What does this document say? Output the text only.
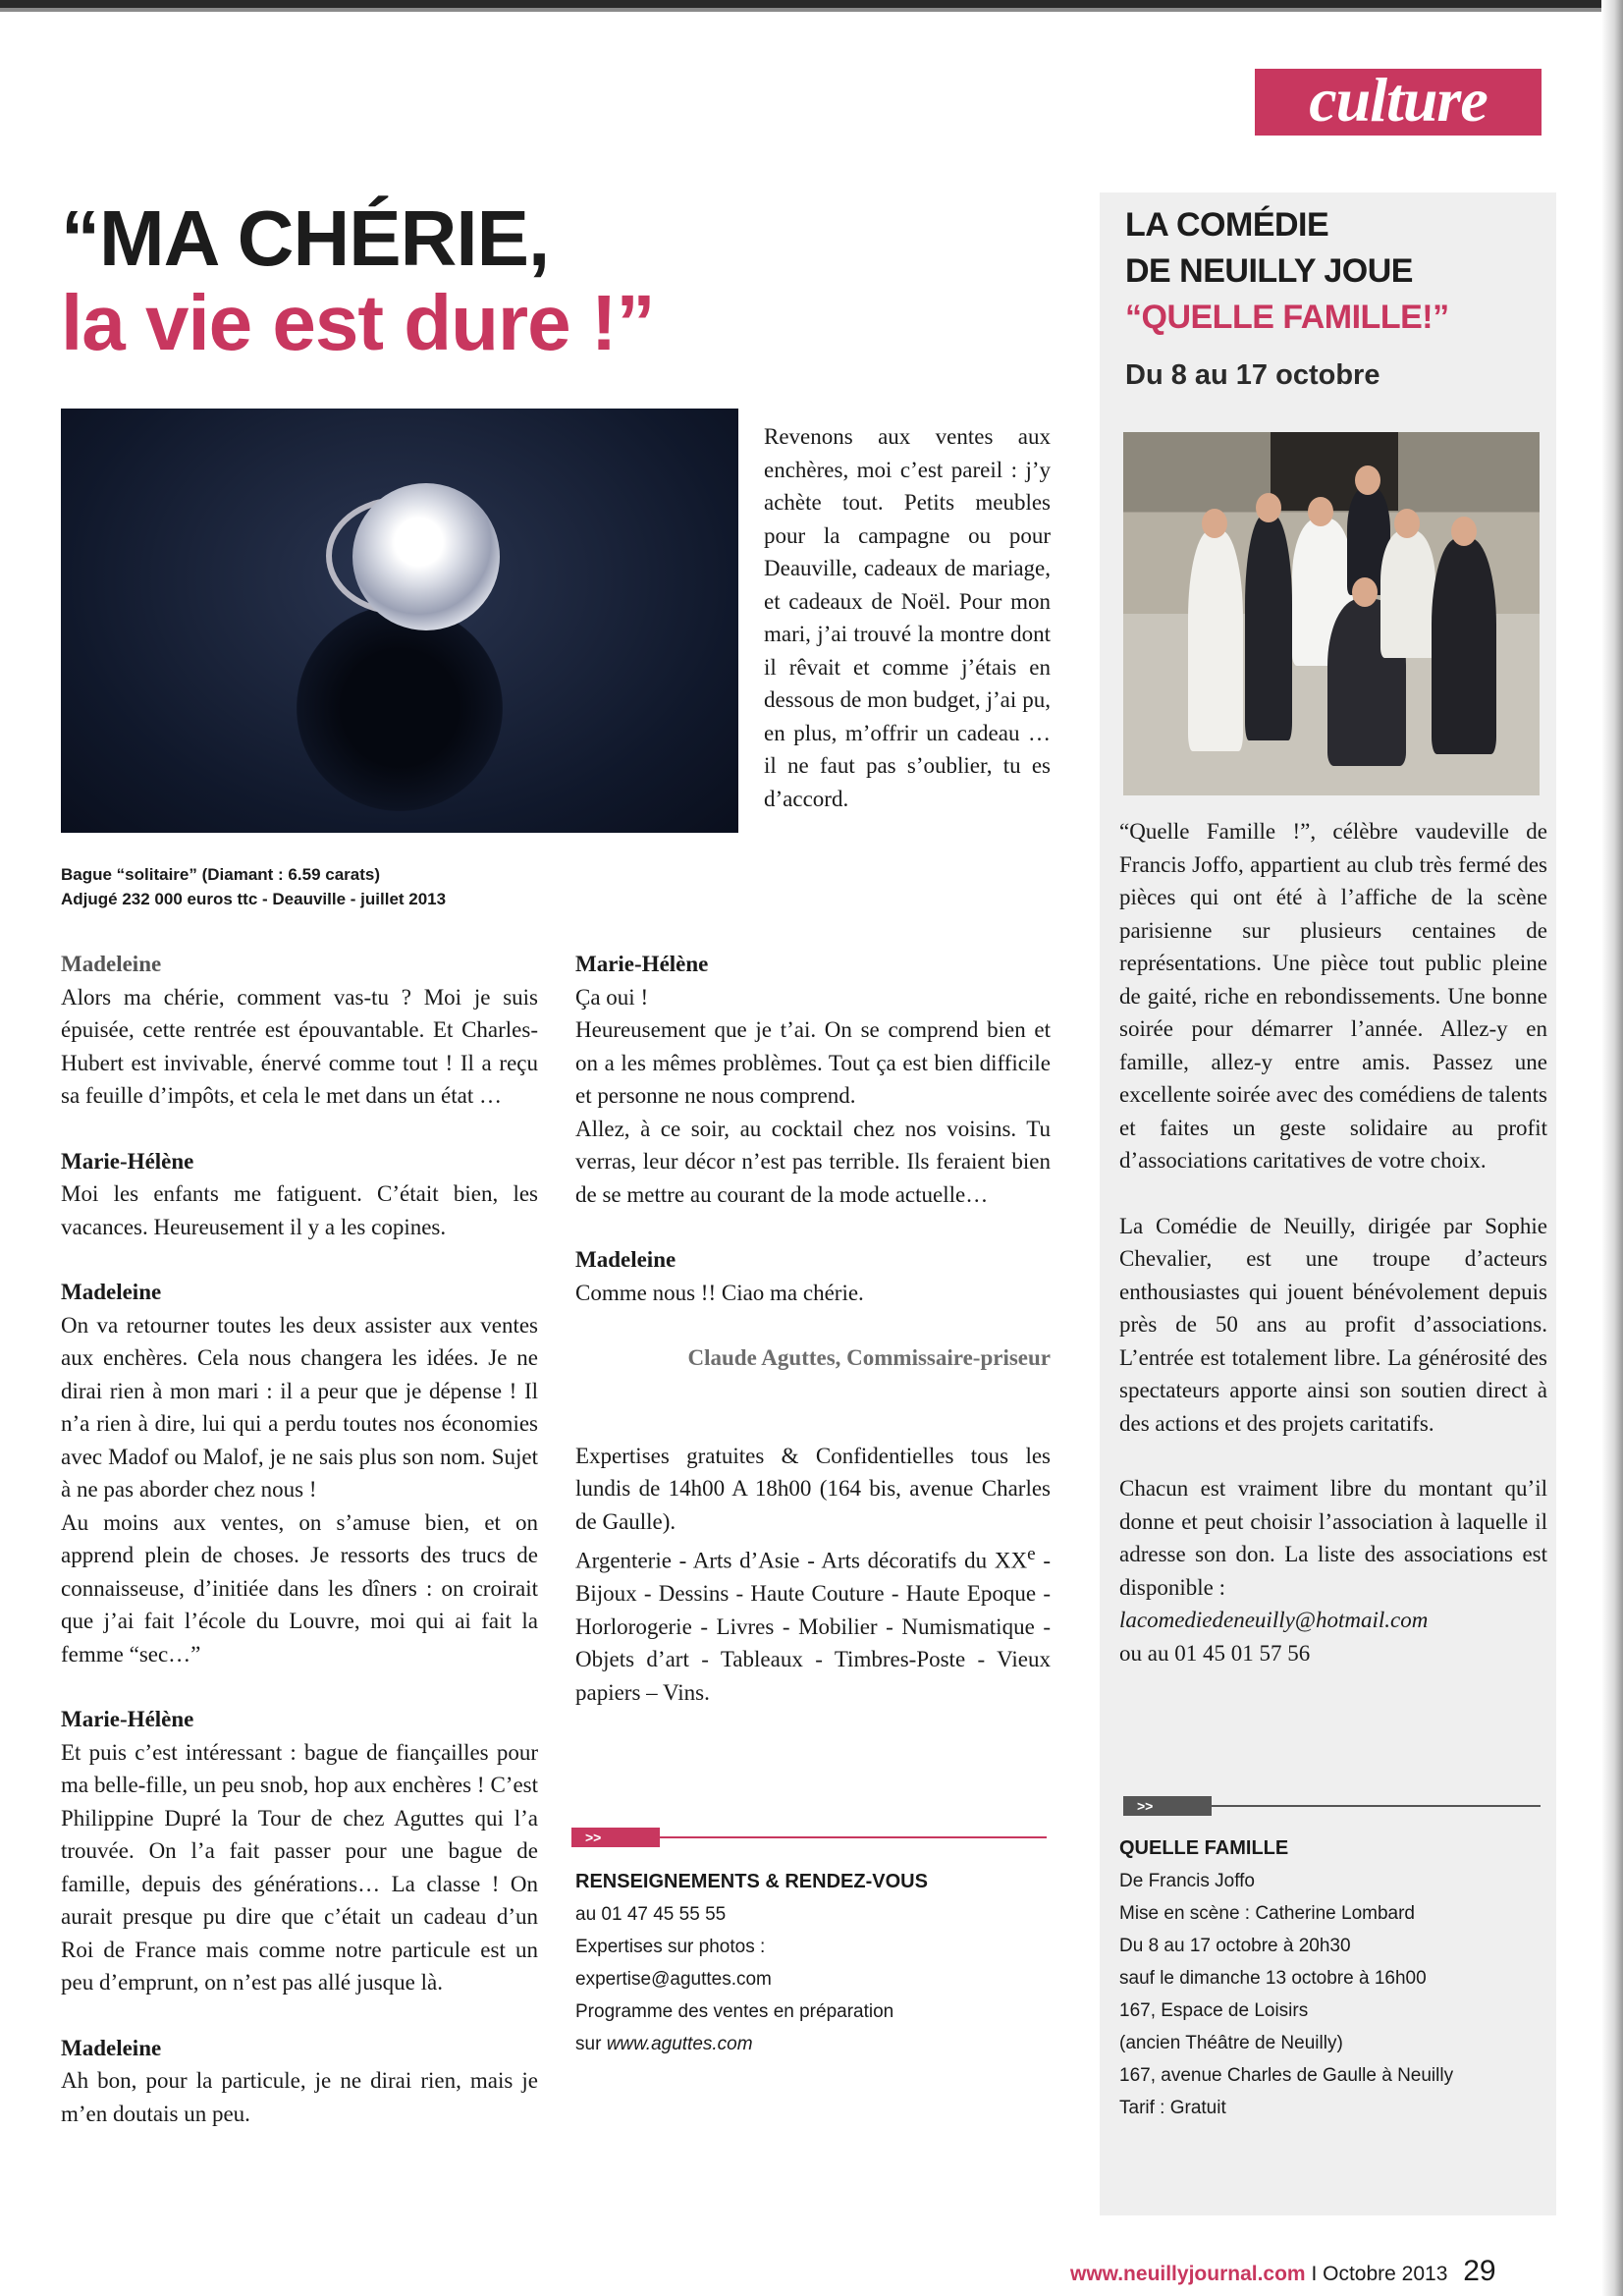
culture
“MA CHÉRIE,
la vie est dure !”
Bague “solitaire” (Diamant : 6.59 carats)
Adjugé 232 000 euros ttc - Deauville - juillet 2013
Revenons aux ventes aux enchères, moi c’est pareil : j’y achète tout. Petits meubles pour la campagne ou pour Deauville, cadeaux de mariage, et cadeaux de Noël. Pour mon mari, j’ai trouvé la montre dont il rêvait et comme j’étais en dessous de mon budget, j’ai pu, en plus, m’offrir un cadeau … il ne faut pas s’oublier, tu es d’accord.

Madeleine

Alors ma chérie, comment vas-tu ? Moi je suis épuisée, cette rentrée est épouvantable. Et Charles-Hubert est invivable, énervé comme tout ! Il a reçu sa feuille d’impôts, et cela le met dans un état …

Marie-Hélène

Moi les enfants me fatiguent. C’était bien, les vacances. Heureusement il y a les copines.

Madeleine

On va retourner toutes les deux assister aux ventes aux enchères. Cela nous changera les idées. Je ne dirai rien à mon mari : il a peur que je dépense ! Il n’a rien à dire, lui qui a perdu toutes nos économies avec Madof ou Malof, je ne sais plus son nom. Sujet à ne pas aborder chez nous !

Au moins aux ventes, on s’amuse bien, et on apprend plein de choses. Je ressorts des trucs de connaisseuse, d’initiée dans les dîners : on croirait que j’ai fait l’école du Louvre, moi qui ai fait la femme “sec…”

Marie-Hélène

Et puis c’est intéressant : bague de fiançailles pour ma belle-fille, un peu snob, hop aux enchères ! C’est Philippine Dupré la Tour de chez Aguttes qui l’a trouvée. On l’a fait passer pour une bague de famille, depuis des générations… La classe ! On aurait presque pu dire que c’était un cadeau d’un Roi de France mais comme notre particule est un peu d’emprunt, on n’est pas allé jusque là.

Madeleine

Ah bon, pour la particule, je ne dirai rien, mais je m’en doutais un peu.

Marie-Hélène

Ça oui !

Heureusement que je t’ai. On se comprend bien et on a les mêmes problèmes. Tout ça est bien difficile et personne ne nous comprend.

Allez, à ce soir, au cocktail chez nos voisins. Tu verras, leur décor n’est pas terrible. Ils feraient bien de se mettre au courant de la mode actuelle…

Madeleine

Comme nous !! Ciao ma chérie.

Claude Aguttes, Commissaire-priseur

Expertises gratuites & Confidentielles tous les lundis de 14h00 A 18h00 (164 bis, avenue Charles de Gaulle).

Argenterie - Arts d’Asie - Arts décoratifs du XXe - Bijoux - Dessins - Haute Couture - Haute Epoque - Horlorogerie - Livres - Mobilier - Numismatique - Objets d’art - Tableaux - Timbres-Poste - Vieux papiers – Vins.

>>
RENSEIGNEMENTS & RENDEZ-VOUS
au 01 47 45 55 55
Expertises sur photos :
expertise@aguttes.com
Programme des ventes en préparation
sur www.aguttes.com
LA COMÉDIE
DE NEUILLY JOUE
“QUELLE FAMILLE!”
Du 8 au 17 octobre

“Quelle Famille !”, célèbre vaudeville de Francis Joffo, appartient au club très fermé des pièces qui ont été à l’affiche de la scène parisienne sur plusieurs centaines de représentations. Une pièce tout public pleine de gaité, riche en rebondissements. Une bonne soirée pour démarrer l’année. Allez-y en famille, allez-y entre amis. Passez une excellente soirée avec des comédiens de talents et faites un geste solidaire au profit d’associations caritatives de votre choix.

La Comédie de Neuilly, dirigée par Sophie Chevalier, est une troupe d’acteurs enthousiastes qui jouent bénévolement depuis près de 50 ans au profit d’associations. L’entrée est totalement libre. La générosité des spectateurs apporte ainsi son soutien direct à des actions et des projets caritatifs.

Chacun est vraiment libre du montant qu’il donne et peut choisir l’association à laquelle il adresse son don. La liste des associations est disponible :

lacomediedeneuilly@hotmail.com

ou au 01 45 01 57 56

>>
QUELLE FAMILLE
De Francis Joffo
Mise en scène : Catherine Lombard
Du 8 au 17 octobre à 20h30
sauf le dimanche 13 octobre à 16h00
167, Espace de Loisirs
(ancien Théâtre de Neuilly)
167, avenue Charles de Gaulle à Neuilly
Tarif : Gratuit
www.neuillyjournal.com I Octobre 2013 29
